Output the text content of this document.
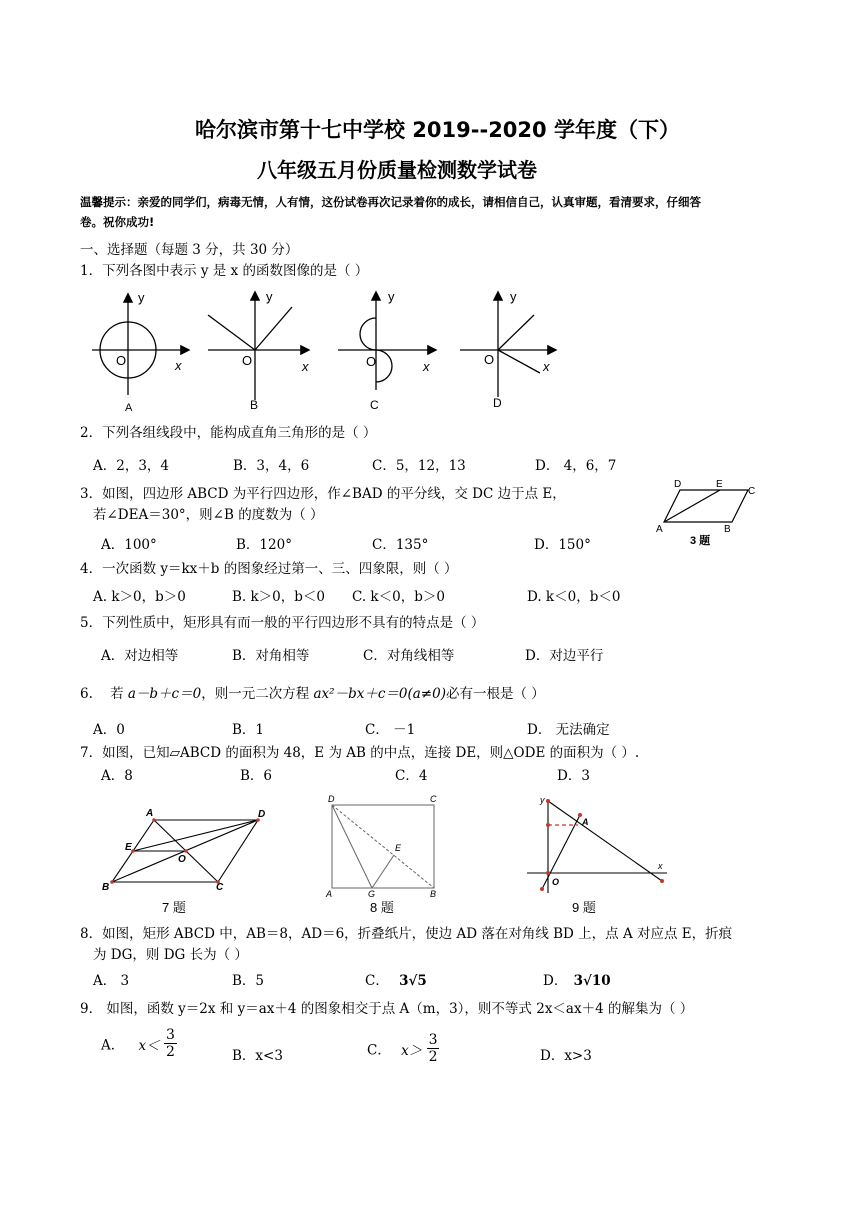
哈尔滨市第十七中学校 2019--2020 学年度（下）
八年级五月份质量检测数学试卷
温馨提示：亲爱的同学们，病毒无情，人有情，这份试卷再次记录着你的成长，请相信自己，认真审题，看清要求，仔细答
卷。祝你成功!
一、选择题（每题 3 分，共 30 分）
1．下列各图中表示 y 是 x 的函数图像的是（ ）
y
x
O
A
y
x
O
B
y
x
O
C
y
x
O
D
2．下列各组线段中，能构成直角三角形的是（ ）
A．2，3，4	B．3，4，6	C．5，12，13	D． 4，6，7
3．如图，四边形 ABCD 为平行四边形，作∠BAD 的平分线，交 DC 边于点 E，
若∠DEA＝30°，则∠B 的度数为（ ）
D	E
C
A	B
3 题
A．100°	B．120°	C．135°	D．150°
4．一次函数 y＝kx＋b 的图象经过第一、三、四象限，则（ ）
A. k＞0，b＞0	B. k＞0，b＜0 C. k＜0，b＞0	D. k＜0，b＜0
5．下列性质中，矩形具有而一般的平行四边形不具有的特点是（ ）
A．对边相等	B．对角相等	C．对角线相等	D．对边平行
6. 若 a－b＋c＝0，则一元二次方程 ax²－bx＋c＝0(a≠0)必有一根是（ ）
A．0	B．1	C． －1	D． 无法确定
7．如图，已知▱ABCD 的面积为 48，E 为 AB 的中点，连接 DE，则△ODE 的面积为（ ）.
A．8	B．6	C．4	D．3
A	D
E
O
B	C
7 题
D	C
E
A	G	B
8 题
y
A
x
O
9 题
8．如图，矩形 ABCD 中，AB＝8，AD＝6，折叠纸片，使边 AD 落在对角线 BD 上，点 A 对应点 E，折痕
为 DG，则 DG 长为（ ）
A． 3	B．5	C． 3√5	D． 3√10
9． 如图，函数 y＝2x 和 y＝ax＋4 的图象相交于点 A（m，3），则不等式 2x＜ax＋4 的解集为（ ）
A． $x< \frac{3}{2}$	B．x<3	C． $x> \frac{3}{2}$	D．x>3
